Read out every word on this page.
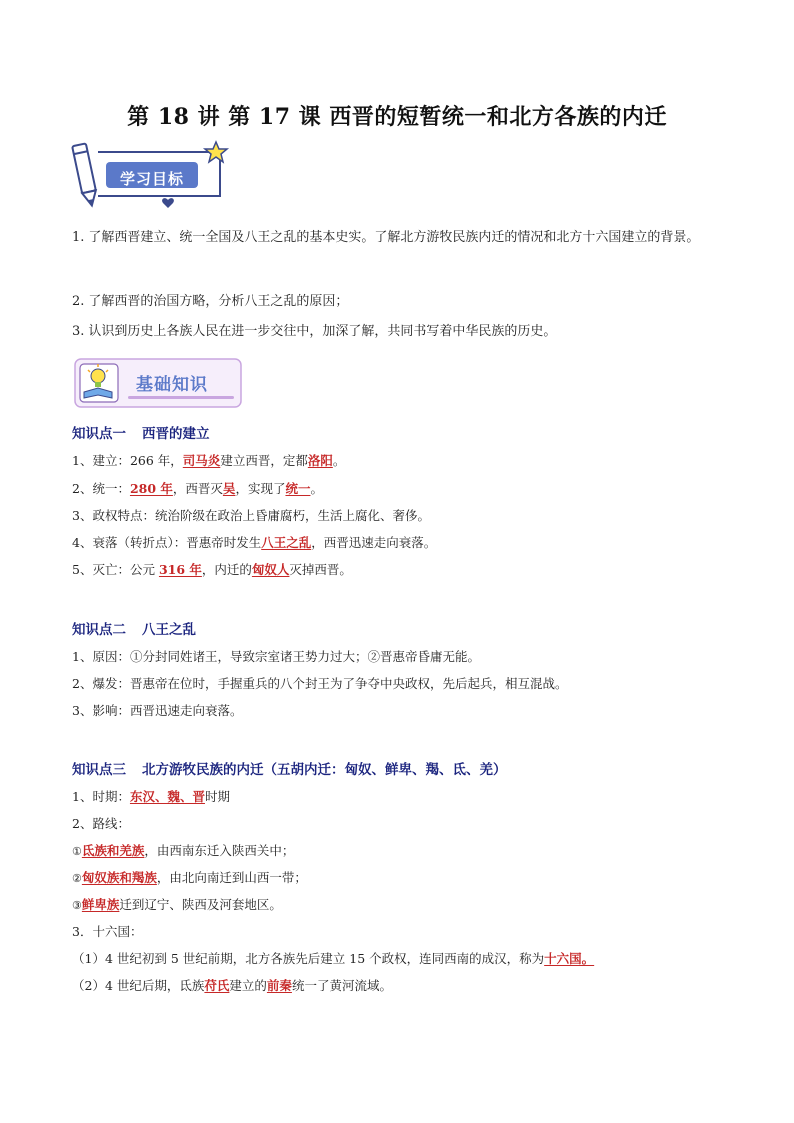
第 18 讲 第 17 课 西晋的短暂统一和北方各族的内迁
学习目标
1. 了解西晋建立、统一全国及八王之乱的基本史实。了解北方游牧民族内迁的情况和北方十六国建立的背景。
2. 了解西晋的治国方略，分析八王之乱的原因；
3. 认识到历史上各族人民在进一步交往中，加深了解，共同书写着中华民族的历史。
基础知识
知识点一 西晋的建立
1、建立：266 年，司马炎建立西晋，定都洛阳。
2、统一：280 年，西晋灭吴，实现了统一。
3、政权特点：统治阶级在政治上昏庸腐朽，生活上腐化、奢侈。
4、衰落（转折点）：晋惠帝时发生八王之乱，西晋迅速走向衰落。
5、灭亡：公元 316 年，内迁的匈奴人灭掉西晋。
知识点二 八王之乱
1、原因：①分封同姓诸王，导致宗室诸王势力过大；②晋惠帝昏庸无能。
2、爆发：晋惠帝在位时，手握重兵的八个封王为了争夺中央政权，先后起兵，相互混战。
3、影响：西晋迅速走向衰落。
知识点三 北方游牧民族的内迁（五胡内迁：匈奴、鲜卑、羯、氐、羌）
1、时期：东汉、魏、晋时期
2、路线：
①氐族和羌族，由西南东迁入陕西关中；
②匈奴族和羯族，由北向南迁到山西一带；
③鲜卑族迁到辽宁、陕西及河套地区。
3．十六国：
（1）4 世纪初到 5 世纪前期，北方各族先后建立 15 个政权，连同西南的成汉，称为十六国。
（2）4 世纪后期，氐族苻氏建立的前秦统一了黄河流域。
